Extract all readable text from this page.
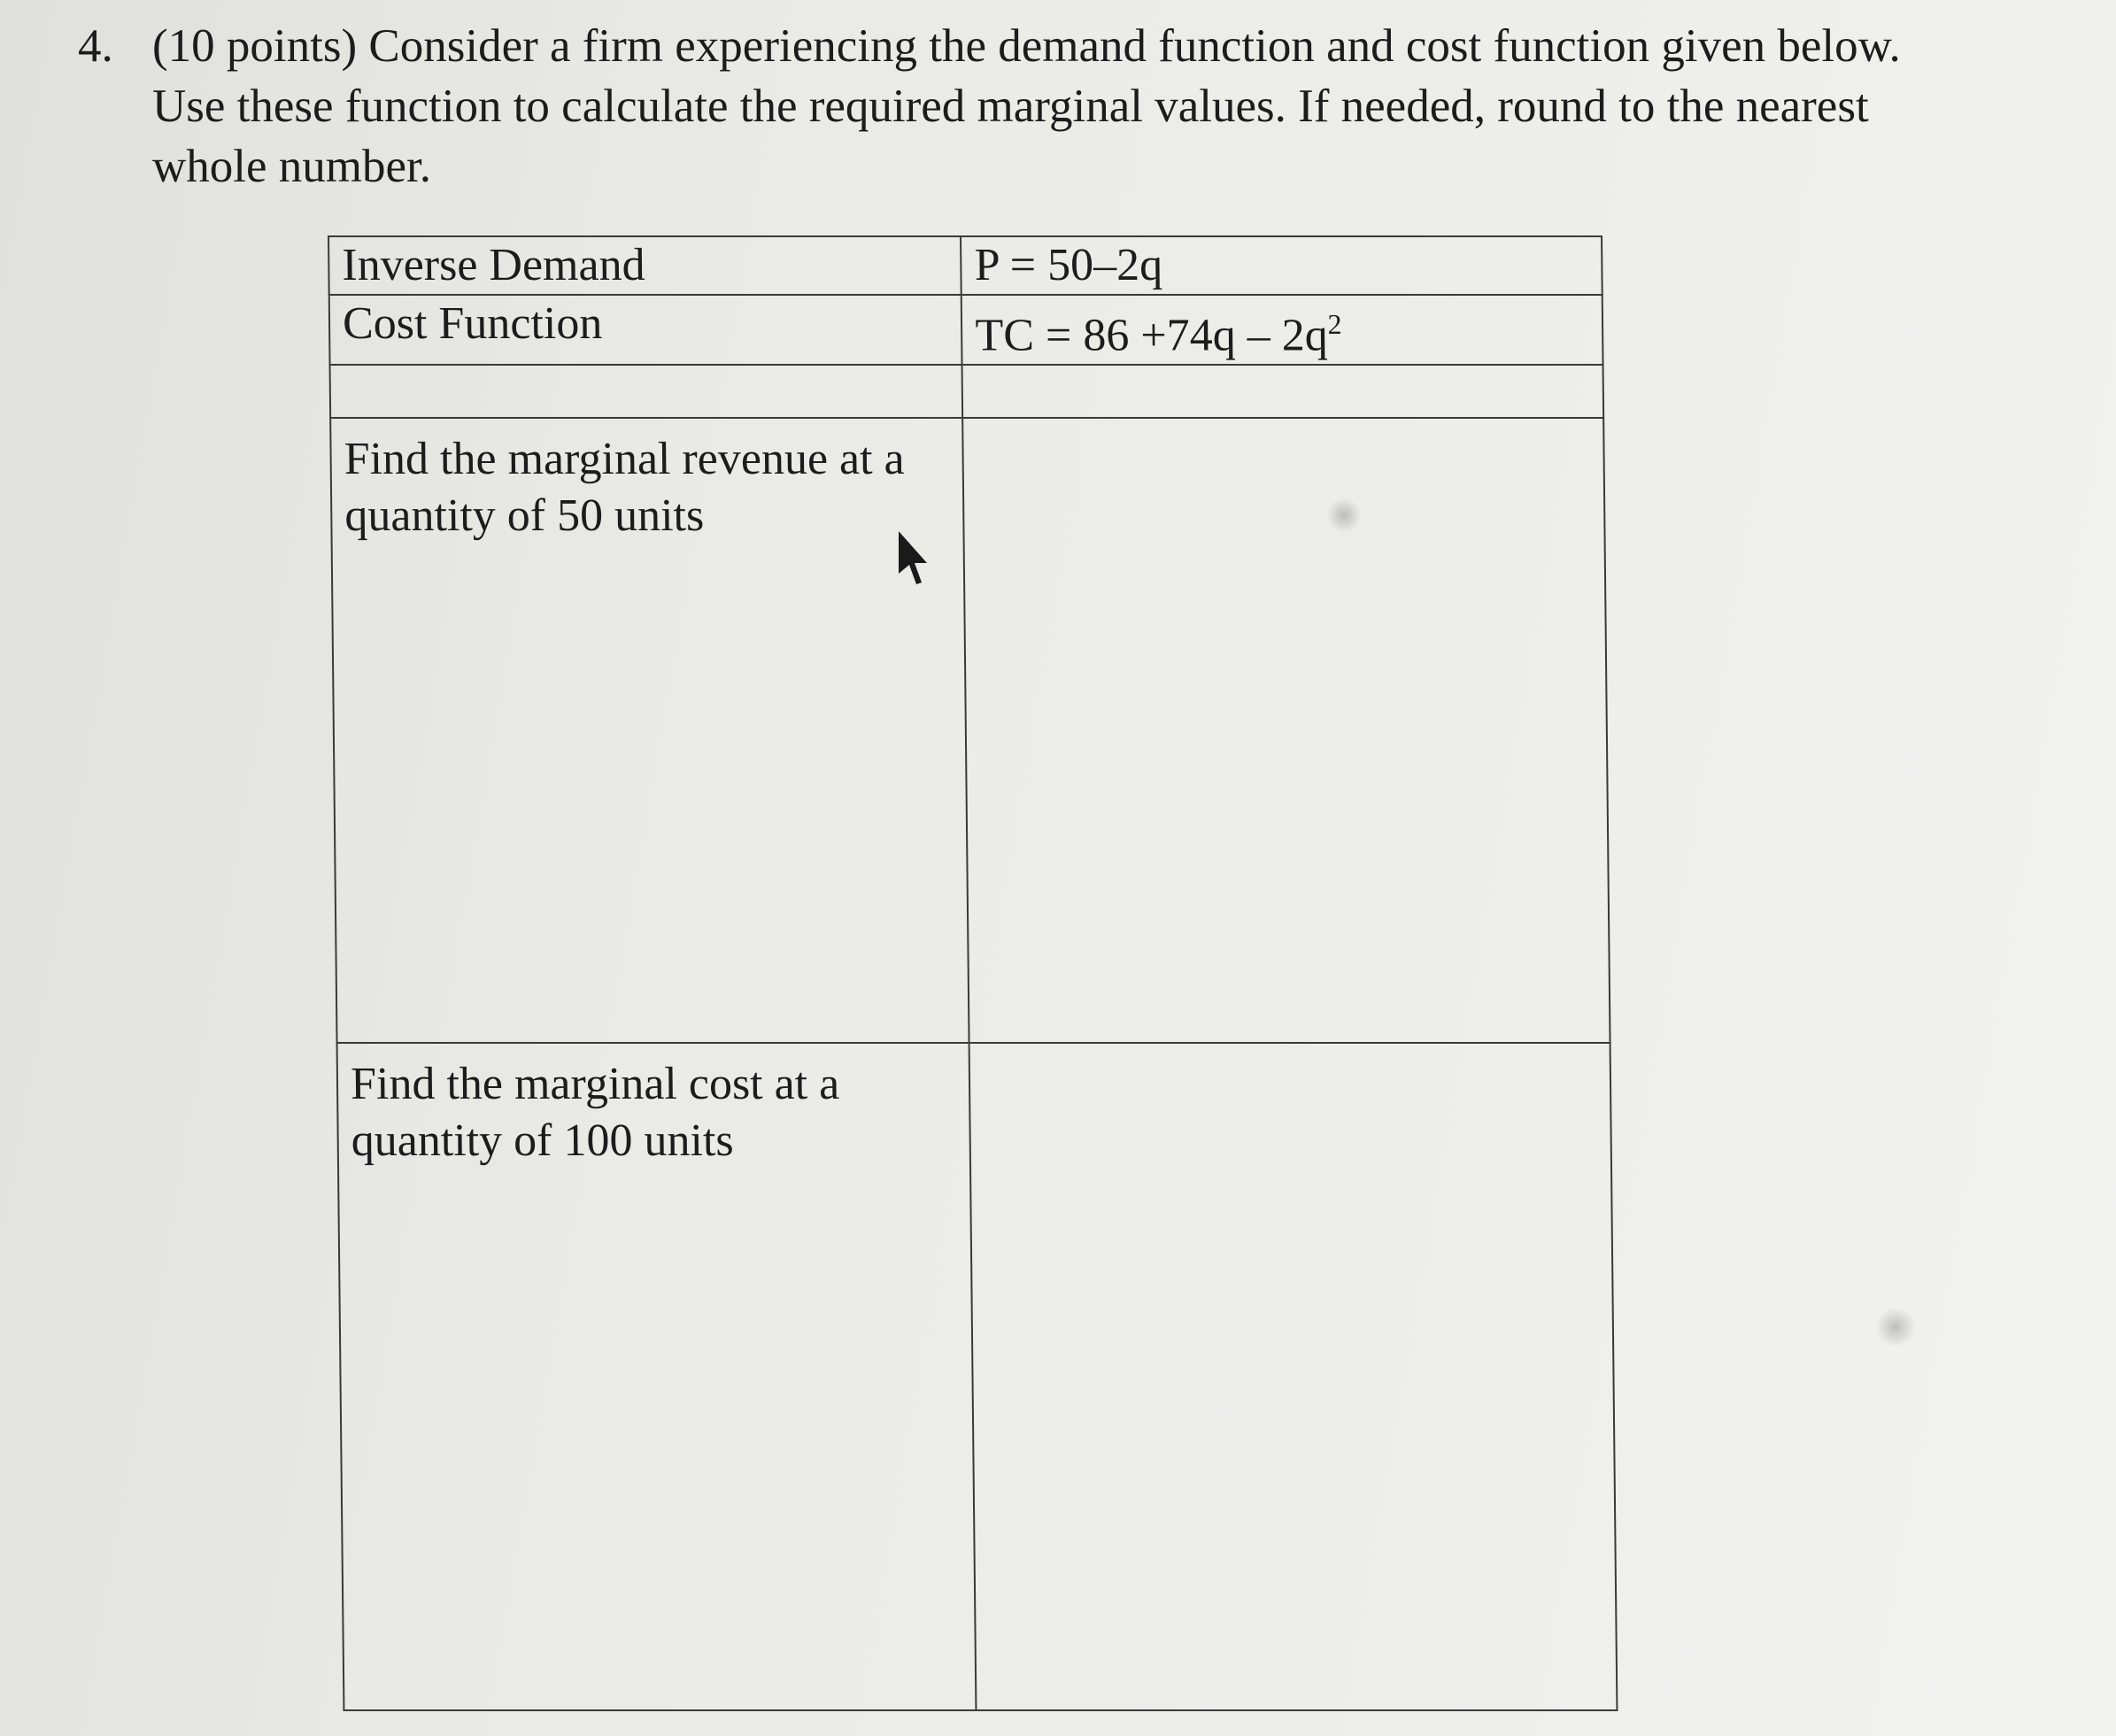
4. (10 points) Consider a firm experiencing the demand function and cost function given below. Use these function to calculate the required marginal values. If needed, round to the nearest whole number.
Inverse Demand	P = 50–2q
Cost Function	TC = $86 +74q - 2q^2$

Find the marginal revenue at a quantity of 50 units	
Find the marginal cost at a quantity of 100 units	
